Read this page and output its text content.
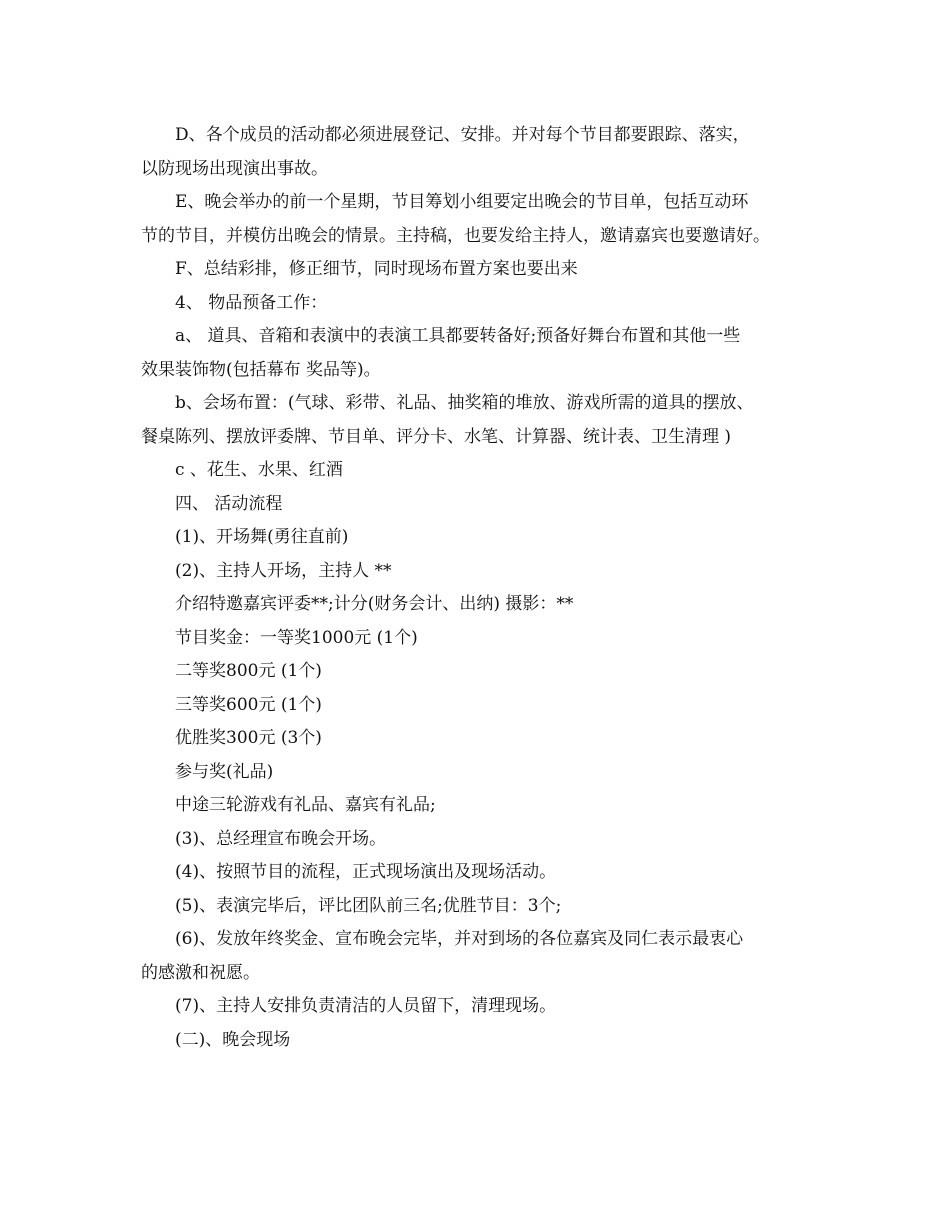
D、各个成员的活动都必须进展登记、安排。并对每个节目都要跟踪、落实，
以防现场出现演出事故。
E、晚会举办的前一个星期，节目筹划小组要定出晚会的节目单，包括互动环
节的节目，并模仿出晚会的情景。主持稿，也要发给主持人，邀请嘉宾也要邀请好。
F、总结彩排，修正细节，同时现场布置方案也要出来
4、 物品预备工作：
a、 道具、音箱和表演中的表演工具都要转备好;预备好舞台布置和其他一些
效果装饰物(包括幕布 奖品等)。
b、会场布置：(气球、彩带、礼品、抽奖箱的堆放、游戏所需的道具的摆放、
餐桌陈列、摆放评委牌、节目单、评分卡、水笔、计算器、统计表、卫生清理 )
c 、花生、水果、红酒
四、 活动流程
(1)、开场舞(勇往直前)
(2)、主持人开场，主持人 **
介绍特邀嘉宾评委**;计分(财务会计、出纳) 摄影：**
节目奖金：一等奖1000元 (1个)
二等奖800元 (1个)
三等奖600元 (1个)
优胜奖300元 (3个)
参与奖(礼品)
中途三轮游戏有礼品、嘉宾有礼品;
(3)、总经理宣布晚会开场。
(4)、按照节目的流程，正式现场演出及现场活动。
(5)、表演完毕后，评比团队前三名;优胜节目：3个;
(6)、发放年终奖金、宣布晚会完毕，并对到场的各位嘉宾及同仁表示最衷心
的感激和祝愿。
(7)、主持人安排负责清洁的人员留下，清理现场。
(二)、晚会现场
